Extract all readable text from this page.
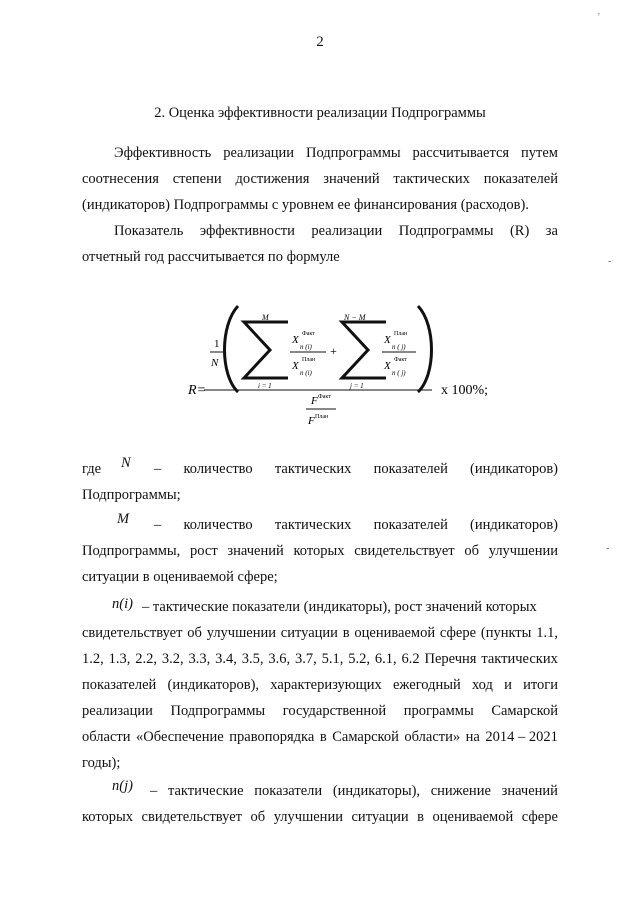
2
2. Оценка эффективности реализации Подпрограммы
Эффективность реализации Подпрограммы рассчитывается путем
соотнесения степени достижения значений тактических показателей
(индикаторов) Подпрограммы с уровнем ее финансирования (расходов).
Показатель эффективности реализации Подпрограммы (R) за
отчетный год рассчитывается по формуле
R=
1
N
M
i = 1
Факт
X
n (i)
План
X
n (i)
+
N − M
j = 1
План
X
n ( j)
Факт
X
n ( j)
F Факт
F План
x 100%;
где N – количество тактических показателей (индикаторов)
Подпрограммы;
M – количество тактических показателей (индикаторов)
Подпрограммы, рост значений которых свидетельствует об улучшении
ситуации в оцениваемой сфере;
n(i) – тактические показатели (индикаторы), рост значений которых
свидетельствует об улучшении ситуации в оцениваемой сфере (пункты 1.1,
1.2, 1.3, 2.2, 3.2, 3.3, 3.4, 3.5, 3.6, 3.7, 5.1, 5.2, 6.1, 6.2 Перечня тактических
показателей (индикаторов), характеризующих ежегодный ход и итоги
реализации Подпрограммы государственной программы Самарской
области «Обеспечение правопорядка в Самарской области» на 2014 – 2021
годы);
n(j) – тактические показатели (индикаторы), снижение значений
которых свидетельствует об улучшении ситуации в оцениваемой сфере
'
-
-
